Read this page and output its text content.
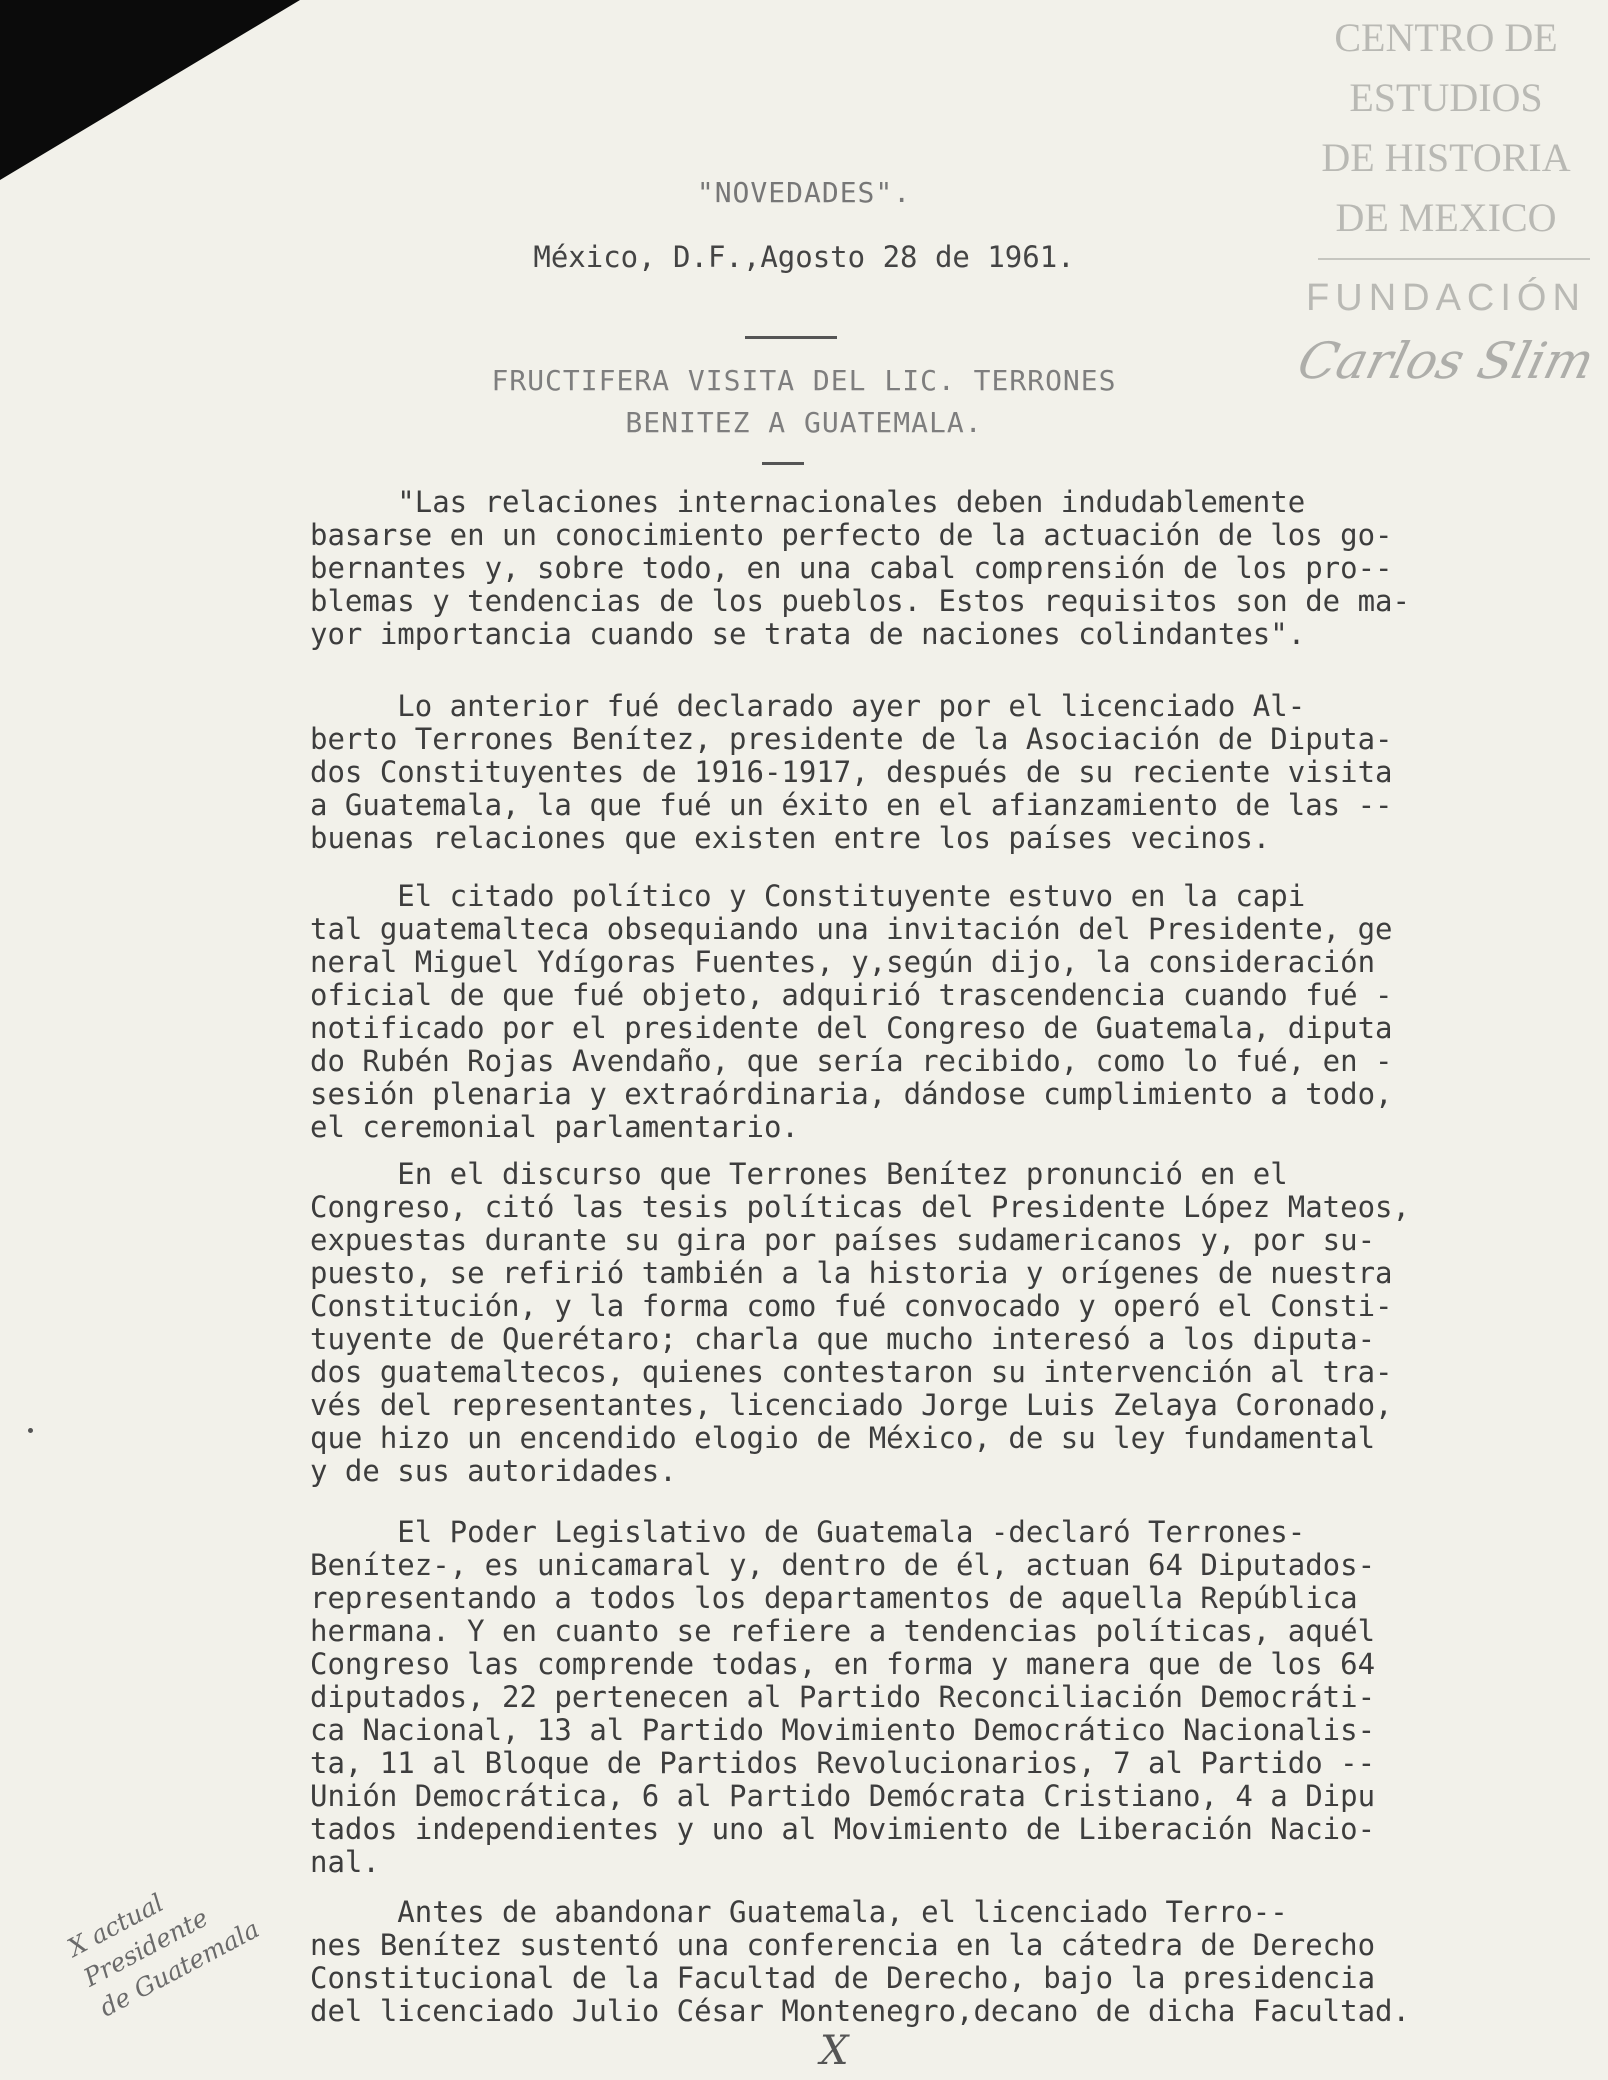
CENTRO DE
ESTUDIOS
DE HISTORIA
DE MEXICO
FUNDACIÓN
Carlos Slim
"NOVEDADES".
México, D.F.,Agosto 28 de 1961.
FRUCTIFERA VISITA DEL LIC. TERRONES
BENITEZ A GUATEMALA.
"Las relaciones internacionales deben indudablemente
basarse en un conocimiento perfecto de la actuación de los go-
bernantes y, sobre todo, en una cabal comprensión de los pro--
blemas y tendencias de los pueblos. Estos requisitos son de ma-
yor importancia cuando se trata de naciones colindantes".
Lo anterior fué declarado ayer por el licenciado Al-
berto Terrones Benítez, presidente de la Asociación de Diputa-
dos Constituyentes de 1916-1917, después de su reciente visita
a Guatemala, la que fué un éxito en el afianzamiento de las --
buenas relaciones que existen entre los países vecinos.
El citado político y Constituyente estuvo en la capi
tal guatemalteca obsequiando una invitación del Presidente, ge
neral Miguel Ydígoras Fuentes, y,según dijo, la consideración
oficial de que fué objeto, adquirió trascendencia cuando fué -
notificado por el presidente del Congreso de Guatemala, diputa
do Rubén Rojas Avendaño, que sería recibido, como lo fué, en -
sesión plenaria y extraórdinaria, dándose cumplimiento a todo,
el ceremonial parlamentario.
En el discurso que Terrones Benítez pronunció en el
Congreso, citó las tesis políticas del Presidente López Mateos,
expuestas durante su gira por países sudamericanos y, por su-
puesto, se refirió también a la historia y orígenes de nuestra
Constitución, y la forma como fué convocado y operó el Consti-
tuyente de Querétaro; charla que mucho interesó a los diputa-
dos guatemaltecos, quienes contestaron su intervención al tra-
vés del representantes, licenciado Jorge Luis Zelaya Coronado,
que hizo un encendido elogio de México, de su ley fundamental
y de sus autoridades.
El Poder Legislativo de Guatemala -declaró Terrones-
Benítez-, es unicamaral y, dentro de él, actuan 64 Diputados-
representando a todos los departamentos de aquella República
hermana. Y en cuanto se refiere a tendencias políticas, aquél
Congreso las comprende todas, en forma y manera que de los 64
diputados, 22 pertenecen al Partido Reconciliación Democráti-
ca Nacional, 13 al Partido Movimiento Democrático Nacionalis-
ta, 11 al Bloque de Partidos Revolucionarios, 7 al Partido --
Unión Democrática, 6 al Partido Demócrata Cristiano, 4 a Dipu
tados independientes y uno al Movimiento de Liberación Nacio-
nal.
Antes de abandonar Guatemala, el licenciado Terro--
nes Benítez sustentó una conferencia en la cátedra de Derecho
Constitucional de la Facultad de Derecho, bajo la presidencia
del licenciado Julio César Montenegro,decano de dicha Facultad.
X actual
Presidente
de Guatemala
X
